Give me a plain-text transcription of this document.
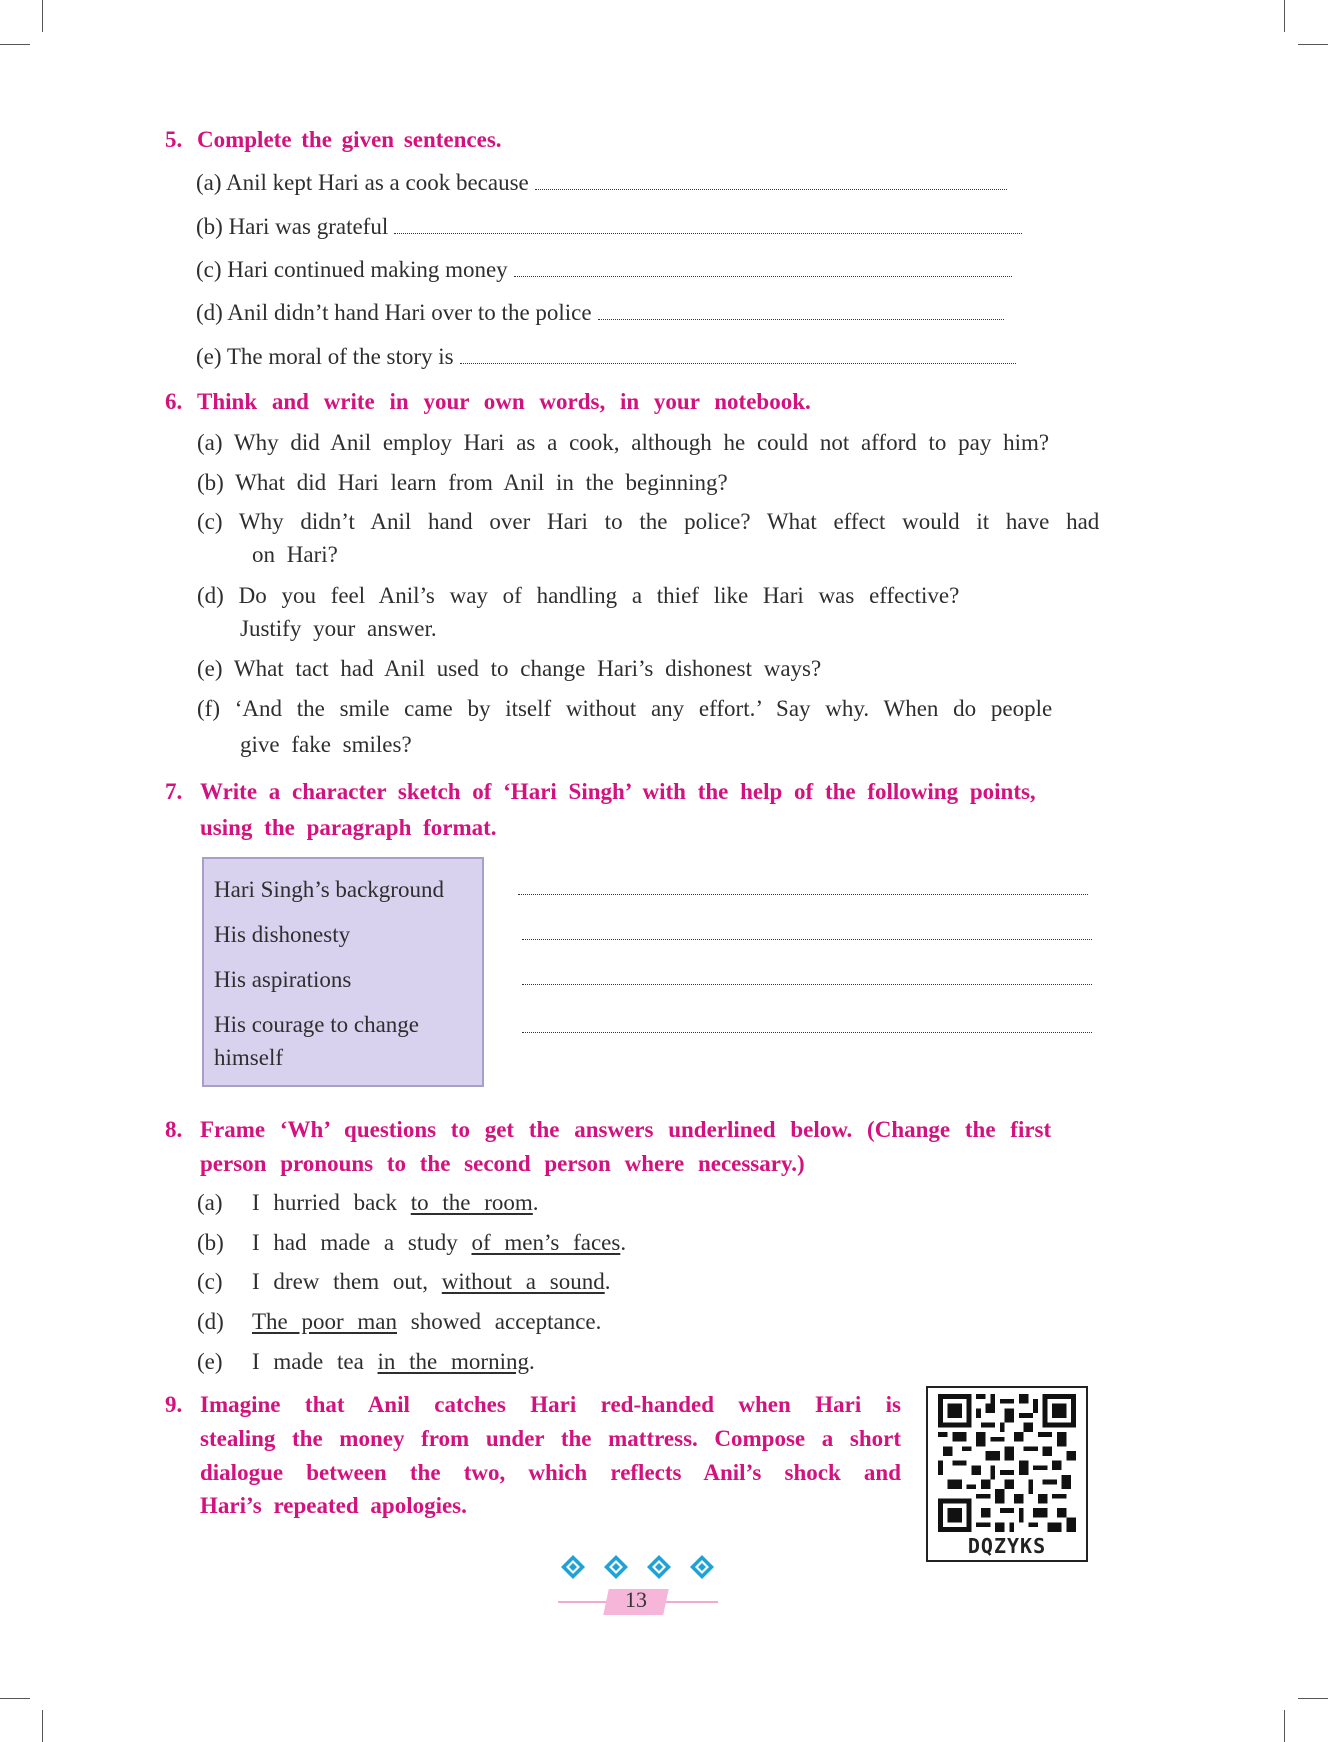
5. Complete the given sentences.
(a) Anil kept Hari as a cook because
(b) Hari was grateful
(c) Hari continued making money
(d) Anil didn’t hand Hari over to the police
(e) The moral of the story is
6. Think and write in your own words, in your notebook.
(a) Why did Anil employ Hari as a cook, although he could not afford to pay him?
(b) What did Hari learn from Anil in the beginning?
(c) Why didn’t Anil hand over Hari to the police? What effect would it have had
on Hari?
(d) Do you feel Anil’s way of handling a thief like Hari was effective?
Justify your answer.
(e) What tact had Anil used to change Hari’s dishonest ways?
(f) ‘And the smile came by itself without any effort.’ Say why. When do people
give fake smiles?
7. Write a character sketch of ‘Hari Singh’ with the help of the following points,
using the paragraph format.
Hari Singh’s background
His dishonesty
His aspirations
His courage to change
himself
8. Frame ‘Wh’ questions to get the answers underlined below. (Change the first
person pronouns to the second person where necessary.)
(a) I hurried back to the room.
(b) I had made a study of men’s faces.
(c) I drew them out, without a sound.
(d) The poor man showed acceptance.
(e) I made tea in the morning.
9. Imagine that Anil catches Hari red-handed when Hari is
stealing the money from under the mattress. Compose a short
dialogue between the two, which reflects Anil’s shock and
Hari’s repeated apologies.
DQZYKS
13
